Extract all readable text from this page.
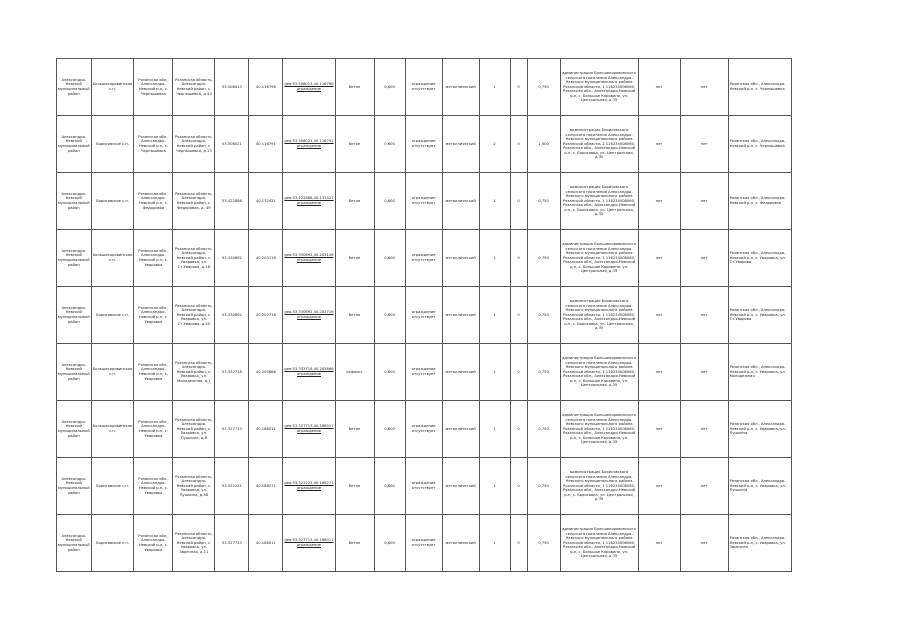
Александро-Невский муниципальный район	Большекоровинское с.п.	Рязанская обл., Александро-Невский р-н, с. Чернышевка	Рязанская область, Александро-Невский район, с. Чернышевка, д.43	53.508013	40.116796	geo:53.508013,40.116796 ограждение	бетон	0,600	ограждение отсутствует	металлический	1	0	0,750	администрация Большекоровинского сельского поселения Александро-Невского муниципального района Рязанской области, 1 116234008060, Рязанская обл., Александро-Невский р-н, с. Большое Коровино, ул. Центральная, д.35	нет	нет	Рязанская обл., Александро-Невский р-н, с. Чернышевка
Александро-Невский муниципальный район	Борисовское с.п.	Рязанская обл., Александро-Невский р-н, с. Чернышевка	Рязанская область, Александро-Невский район, с. Чернышевка, д.13	53.508021	40.116791	geo:53.508021,40.116791 ограждение	бетон	0,600	ограждение отсутствует	металлический	2	0	1,500	администрация Борисовского сельского поселения Александро-Невского муниципального района Рязанской области, 1 116234008060, Рязанская обл., Александро-Невский р-н, с. Борисовка, ул. Центральная, д.35	нет	нет	Рязанская обл., Александро-Невский р-н, с. Чернышевка
Александро-Невский муниципальный район	Борисовское с.п.	Рязанская обл., Александро-Невский р-н, с. Федоровка	Рязанская область, Александро-Невский район, с. Федоровка, д. 49	53.422886	40.132421	geo:53.422886,40.132421 ограждение	бетон	0,600	ограждение отсутствует	металлический	1	0	0,750	администрация Борисовского сельского поселения Александро-Невского муниципального района Рязанской области, 1 116234008060, Рязанская обл., Александро-Невский р-н, с. Борисовка, ул. Центральная, д.35	нет	нет	Рязанская обл., Александро-Невский р-н, с. Федоровка
Александро-Невский муниципальный район	Большекоровинское с.п.	Рязанская обл., Александро-Невский р-н, с. Уваровка	Рязанская область, Александро-Невский район, с. Уваровка, ул. Ст.Уварова, д.18	53.330692	40.203116	geo:53.330692,40.203116 ограждение	бетон	0,600	ограждение отсутствует	металлический	1	0	0,750	администрация Большекоровинского сельского поселения Александро-Невского муниципального района Рязанской области, 1 116234008060, Рязанская обл., Александро-Невский р-н, с. Большое Коровино, ул. Центральная, д.35	нет	нет	Рязанская обл., Александро-Невский р-н, с. Уваровка, ул. Ст.Уварова
Александро-Невский муниципальный район	Борисовское с.п.	Рязанская обл., Александро-Невский р-н, с. Уваровка	Рязанская область, Александро-Невский район, с. Уваровка, ул. Ст.Уварова, д.40	53.330692	40.202716	geo:53.330692,40.202716 ограждение	бетон	0,600	ограждение отсутствует	металлический	1	0	0,750	администрация Борисовского сельского поселения Александро-Невского муниципального района Рязанской области, 1 116234008060, Рязанская обл., Александро-Невский р-н, с. Борисовка, ул. Центральная, д.35	нет	нет	Рязанская обл., Александро-Невский р-н, с. Уваровка, ул. Ст.Уварова
Александро-Невский муниципальный район	Большекоровинское с.п.	Рязанская обл., Александро-Невский р-н, с. Уваровка	Рязанская область, Александро-Невский район, с. Уваровка, ул. Молодежная, д.1	53.332718	40.205866	geo:53.332718,40.205866 ограждение	асфальт	0,600	ограждение отсутствует	металлический	1	0	0,750	администрация Большекоровинского сельского поселения Александро-Невского муниципального района Рязанской области, 1 116234008060, Рязанская обл., Александро-Невский р-н, с. Большое Коровино, ул. Центральная, д.35	нет	нет	Рязанская обл., Александро-Невский р-н, с. Уваровка, ул. Молодежная
Александро-Невский муниципальный район	Большекоровинское с.п.	Рязанская обл., Александро-Невский р-н, с. Уваровка	Рязанская область, Александро-Невский район, с. Уваровка, ул. Пушкина, д.8	53.327713	40.188011	geo:53.327713,40.188011 ограждение	бетон	0,600	ограждение отсутствует	металлический	1	0	0,750	администрация Большекоровинского сельского поселения Александро-Невского муниципального района Рязанской области, 1 116234008060, Рязанская обл., Александро-Невский р-н, с. Большое Коровино, ул. Центральная, д.35	нет	нет	Рязанская обл., Александро-Невский р-н, с. Уваровка, ул. Пушкина
Александро-Невский муниципальный район	Борисовское с.п.	Рязанская обл., Александро-Невский р-н, с. Уваровка	Рязанская область, Александро-Невский район, с. Уваровка, ул. Пушкина, д.38	53.322221	40.188271	geo:53.322221,40.188271 ограждение	бетон	0,600	ограждение отсутствует	металлический	1	0	0,750	администрация Борисовского сельского поселения Александро-Невского муниципального района Рязанской области, 1 116234008060, Рязанская обл., Александро-Невский р-н, с. Борисовка, ул. Центральная, д.35	нет	нет	Рязанская обл., Александро-Невский р-н, с. Уваровка, ул. Пушкина
Александро-Невский муниципальный район	Борисовское с.п.	Рязанская обл., Александро-Невский р-н, с. Уваровка	Рязанская область, Александро-Невский район, с. Уваровка, ул. Заречная, д.11	53.327713	40.188011	geo:53.327713,40.188011 ограждение	бетон	0,600	ограждение отсутствует	металлический	1	0	0,750	администрация Большекоровинского сельского поселения Александро-Невского муниципального района Рязанской области, 1 116234008060, Рязанская обл., Александро-Невский р-н, с. Большое Коровино, ул. Центральная, д.35	нет	нет	Рязанская обл., Александро-Невский р-н, с. Уваровка, ул. Заречная
